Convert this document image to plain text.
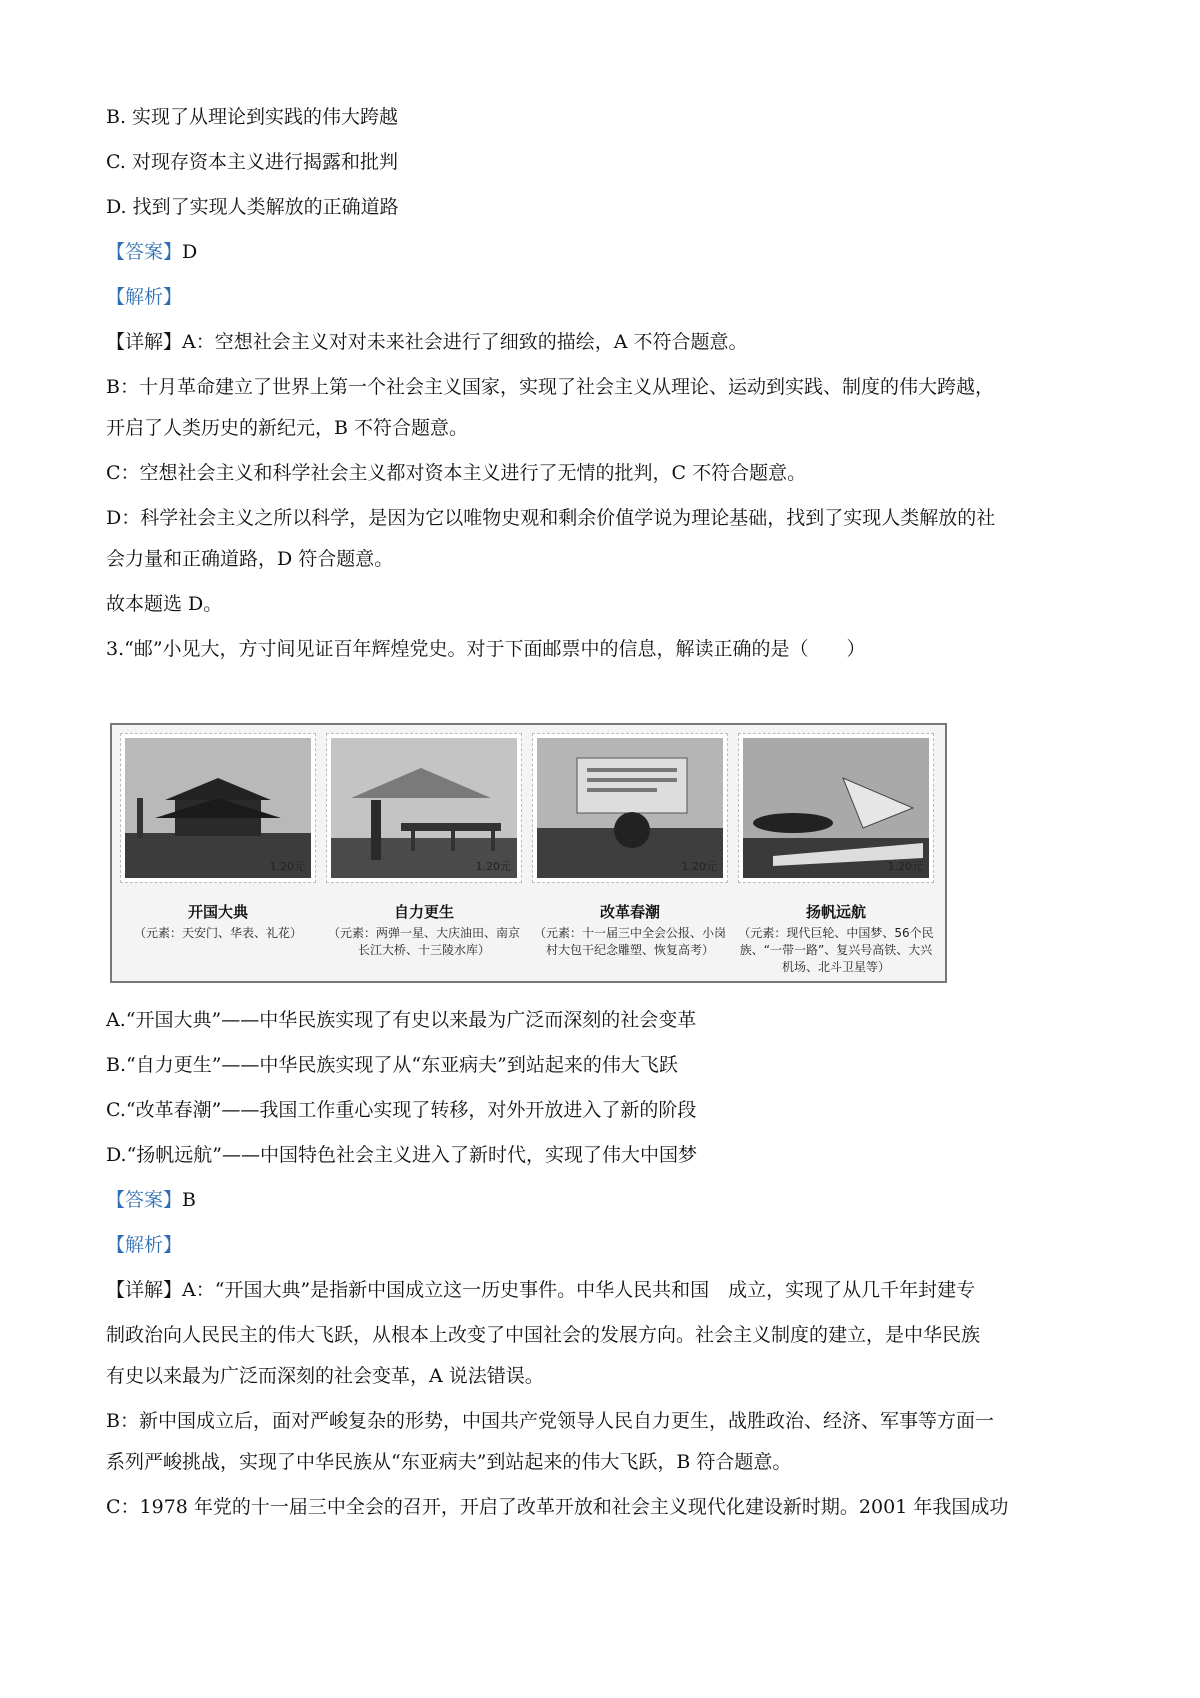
B. 实现了从理论到实践的伟大跨越
C. 对现存资本主义进行揭露和批判
D. 找到了实现人类解放的正确道路
【答案】D
【解析】
【详解】A：空想社会主义对对未来社会进行了细致的描绘，A 不符合题意。
B：十月革命建立了世界上第一个社会主义国家，实现了社会主义从理论、运动到实践、制度的伟大跨越，
开启了人类历史的新纪元，B 不符合题意。
C：空想社会主义和科学社会主义都对资本主义进行了无情的批判，C 不符合题意。
D：科学社会主义之所以科学，是因为它以唯物史观和剩余价值学说为理论基础，找到了实现人类解放的社
会力量和正确道路，D 符合题意。
故本题选 D。
3.“邮”小见大，方寸间见证百年辉煌党史。对于下面邮票中的信息，解读正确的是（　　）
1.20元	1.20元	1.20元	1.20元
开国大典	自力更生	改革春潮	扬帆远航
（元素：天安门、华表、礼花）	（元素：两弹一星、大庆油田、南京长江大桥、十三陵水库）
（元素：十一届三中全会公报、小岗村大包干纪念雕塑、恢复高考）
（元素：现代巨轮、中国梦、56个民族、“一带一路”、复兴号高铁、大兴机场、北斗卫星等）
A.“开国大典”——中华民族实现了有史以来最为广泛而深刻的社会变革
B.“自力更生”——中华民族实现了从“东亚病夫”到站起来的伟大飞跃
C.“改革春潮”——我国工作重心实现了转移，对外开放进入了新的阶段
D.“扬帆远航”——中国特色社会主义进入了新时代，实现了伟大中国梦
【答案】B
【解析】
【详解】A：“开国大典”是指新中国成立这一历史事件。中华人民共和国　成立，实现了从几千年封建专
制政治向人民民主的伟大飞跃，从根本上改变了中国社会的发展方向。社会主义制度的建立，是中华民族
有史以来最为广泛而深刻的社会变革，A 说法错误。
B：新中国成立后，面对严峻复杂的形势，中国共产党领导人民自力更生，战胜政治、经济、军事等方面一
系列严峻挑战，实现了中华民族从“东亚病夫”到站起来的伟大飞跃，B 符合题意。
C：1978 年党的十一届三中全会的召开，开启了改革开放和社会主义现代化建设新时期。2001 年我国成功
